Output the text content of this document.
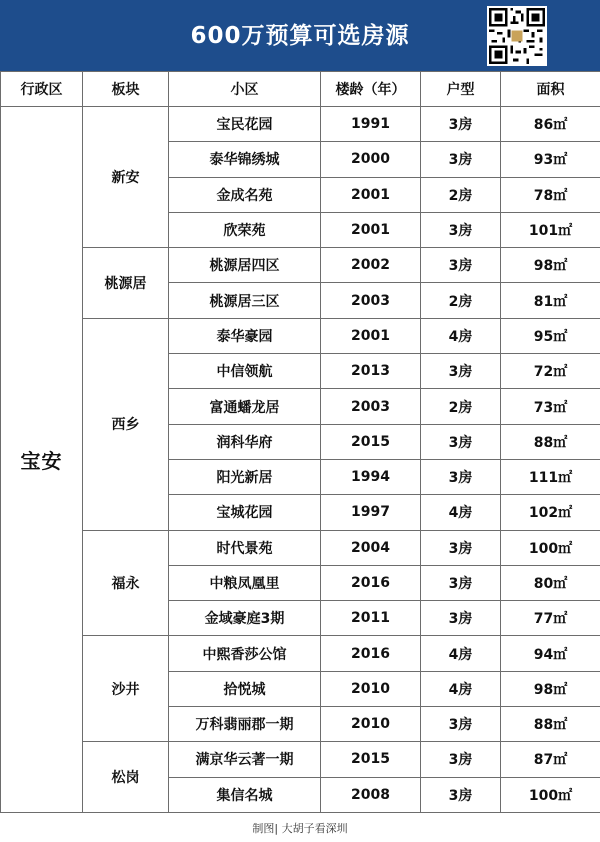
600万预算可选房源
行政区	板块	小区	楼龄（年）	户型	面积
宝安	新安	宝民花园	1991	3房	86㎡
		泰华锦绣城	2000	3房	93㎡
		金成名苑	2001	2房	78㎡
		欣荣苑	2001	3房	101㎡
	桃源居	桃源居四区	2002	3房	98㎡
		桃源居三区	2003	2房	81㎡
	西乡	泰华豪园	2001	4房	95㎡
		中信领航	2013	3房	72㎡
		富通蟠龙居	2003	2房	73㎡
		润科华府	2015	3房	88㎡
		阳光新居	1994	3房	111㎡
		宝城花园	1997	4房	102㎡
	福永	时代景苑	2004	3房	100㎡
		中粮凤凰里	2016	3房	80㎡
		金域豪庭3期	2011	3房	77㎡
	沙井	中熙香莎公馆	2016	4房	94㎡
		拾悦城	2010	4房	98㎡
		万科翡丽郡一期	2010	3房	88㎡
	松岗	满京华云著一期	2015	3房	87㎡
		集信名城	2008	3房	100㎡
制图| 大胡子看深圳
